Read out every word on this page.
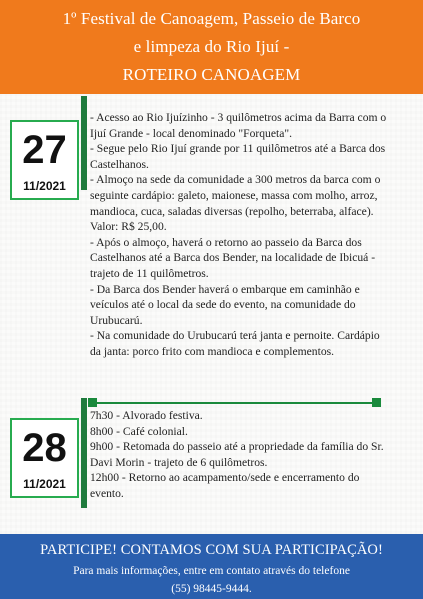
1º Festival de Canoagem, Passeio de Barco
e limpeza do Rio Ijuí -
ROTEIRO CANOAGEM
27
11/2021

- Acesso ao Rio Ijuízinho - 3 quilômetros acima da Barra com o

Ijuí Grande - local denominado "Forqueta".

- Segue pelo Rio Ijuí grande por 11 quilômetros até a Barca dos

Castelhanos.

- Almoço na sede da comunidade a 300 metros da barca com o

seguinte cardápio: galeto, maionese, massa com molho, arroz,

mandioca, cuca, saladas diversas (repolho, beterraba, alface).

Valor: R$ 25,00.

- Após o almoço, haverá o retorno ao passeio da Barca dos

Castelhanos até a Barca dos Bender, na localidade de Ibicuá -

trajeto de 11 quilômetros.

- Da Barca dos Bender haverá o embarque em caminhão e

veículos até o local da sede do evento, na comunidade do

Urubucarú.

- Na comunidade do Urubucarú terá janta e pernoite. Cardápio

da janta: porco frito com mandioca e complementos.

28
11/2021

7h30 - Alvorado festiva.

8h00 - Café colonial.

9h00 - Retomada do passeio até a propriedade da família do Sr.

Davi Morin - trajeto de 6 quilômetros.

12h00 - Retorno ao acampamento/sede e encerramento do

evento.

PARTICIPE! CONTAMOS COM SUA PARTICIPAÇÃO!
Para mais informações, entre em contato através do telefone
(55) 98445-9444.
